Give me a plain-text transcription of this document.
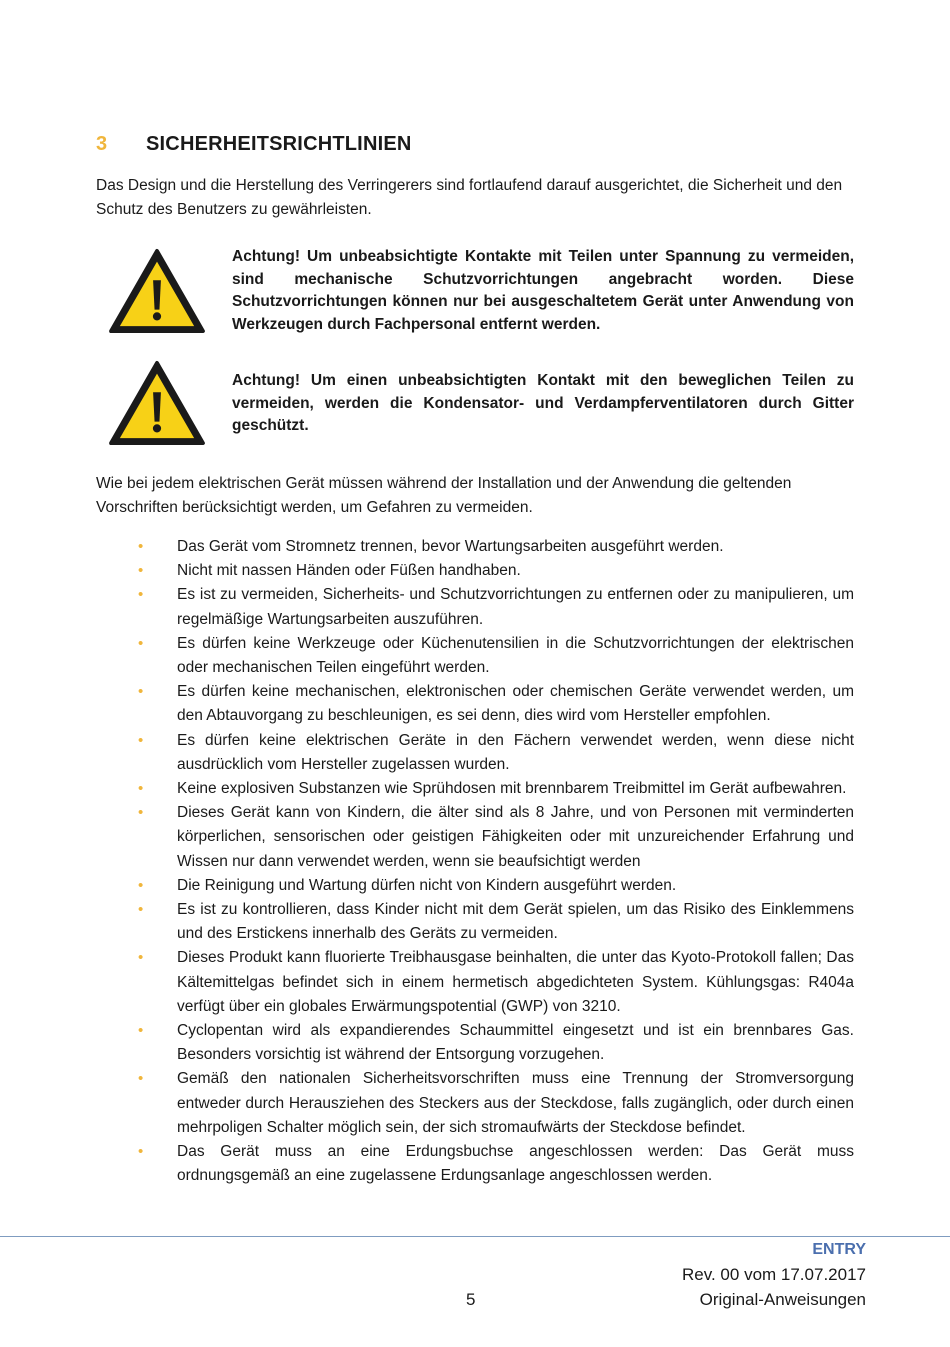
3	SICHERHEITSRICHTLINIEN
Das Design und die Herstellung des Verringerers sind fortlaufend darauf ausgerichtet, die Sicherheit und den Schutz des Benutzers zu gewährleisten.
Achtung! Um unbeabsichtigte Kontakte mit Teilen unter Spannung zu vermeiden, sind mechanische Schutzvorrichtungen angebracht worden. Diese Schutzvorrichtungen können nur bei ausgeschaltetem Gerät unter Anwendung von Werkzeugen durch Fachpersonal entfernt werden.
Achtung! Um einen unbeabsichtigten Kontakt mit den beweglichen Teilen zu vermeiden, werden die Kondensator- und Verdampferventilatoren durch Gitter geschützt.
Wie bei jedem elektrischen Gerät müssen während der Installation und der Anwendung die geltenden Vorschriften berücksichtigt werden, um Gefahren zu vermeiden.
• Das Gerät vom Stromnetz trennen, bevor Wartungsarbeiten ausgeführt werden.
• Nicht mit nassen Händen oder Füßen handhaben.
• Es ist zu vermeiden, Sicherheits- und Schutzvorrichtungen zu entfernen oder zu manipulieren, um regelmäßige Wartungsarbeiten auszuführen.
• Es dürfen keine Werkzeuge oder Küchenutensilien in die Schutzvorrichtungen der elektrischen oder mechanischen Teilen eingeführt werden.
• Es dürfen keine mechanischen, elektronischen oder chemischen Geräte verwendet werden, um den Abtauvorgang zu beschleunigen, es sei denn, dies wird vom Hersteller empfohlen.
• Es dürfen keine elektrischen Geräte in den Fächern verwendet werden, wenn diese nicht ausdrücklich vom Hersteller zugelassen wurden.
• Keine explosiven Substanzen wie Sprühdosen mit brennbarem Treibmittel im Gerät aufbewahren.
• Dieses Gerät kann von Kindern, die älter sind als 8 Jahre, und von Personen mit verminderten körperlichen, sensorischen oder geistigen Fähigkeiten oder mit unzureichender Erfahrung und Wissen nur dann verwendet werden, wenn sie beaufsichtigt werden
• Die Reinigung und Wartung dürfen nicht von Kindern ausgeführt werden.
• Es ist zu kontrollieren, dass Kinder nicht mit dem Gerät spielen, um das Risiko des Einklemmens und des Erstickens innerhalb des Geräts zu vermeiden.
• Dieses Produkt kann fluorierte Treibhausgase beinhalten, die unter das Kyoto-Protokoll fallen; Das Kältemittelgas befindet sich in einem hermetisch abgedichteten System. Kühlungsgas: R404a verfügt über ein globales Erwärmungspotential (GWP) von 3210.
• Cyclopentan wird als expandierendes Schaummittel eingesetzt und ist ein brennbares Gas. Besonders vorsichtig ist während der Entsorgung vorzugehen.
• Gemäß den nationalen Sicherheitsvorschriften muss eine Trennung der Stromversorgung entweder durch Herausziehen des Steckers aus der Steckdose, falls zugänglich, oder durch einen mehrpoligen Schalter möglich sein, der sich stromaufwärts der Steckdose befindet.
• Das Gerät muss an eine Erdungsbuchse angeschlossen werden: Das Gerät muss ordnungsgemäß an eine zugelassene Erdungsanlage angeschlossen werden.
ENTRY
Rev. 00 vom 17.07.2017
5	Original-Anweisungen
